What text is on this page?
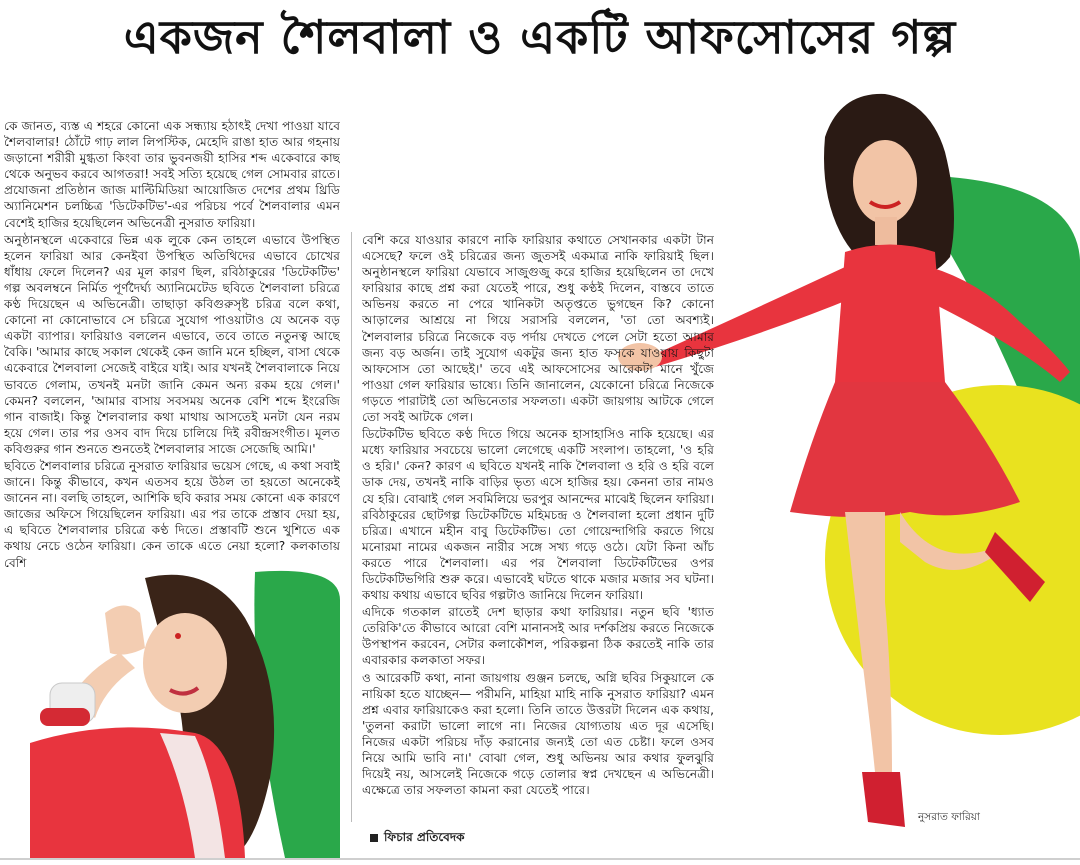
একজন শৈলবালা ও একটি আফসোসের গল্প

কে জানত, ব্যস্ত এ শহরে কোনো এক সন্ধ্যায় হঠাৎই দেখা পাওয়া যাবে শৈলবালার! ঠোঁটে গাঢ় লাল লিপস্টিক, মেহেদি রাঙা হাত আর গহনায় জড়ানো শরীরী মুগ্ধতা কিংবা তার ভুবনজয়ী হাসির শব্দ একেবারে কাছ থেকে অনুভব করবে আগতরা! সবই সত্যি হয়েছে গেল সোমবার রাতে। প্রযোজনা প্রতিষ্ঠান জাজ মাল্টিমিডিয়া আয়োজিত দেশের প্রথম থ্রিডি অ্যানিমেশন চলচ্চিত্র 'ডিটেকটিভ'-এর পরিচয় পর্বে শৈলবালার এমন বেশেই হাজির হয়েছিলেন অভিনেত্রী নুসরাত ফারিয়া।

অনুষ্ঠানস্থলে একেবারে ভিন্ন এক লুকে কেন তাহলে এভাবে উপস্থিত হলেন ফারিয়া আর কেনইবা উপস্থিত অতিথিদের এভাবে চোখের ধাঁধায় ফেলে দিলেন? এর মূল কারণ ছিল, রবিঠাকুরের 'ডিটেকটিভ' গল্প অবলম্বনে নির্মিত পূর্ণদৈর্ঘ্য অ্যানিমেটেড ছবিতে শৈলবালা চরিত্রে কণ্ঠ দিয়েছেন এ অভিনেত্রী। তাছাড়া কবিগুরুসৃষ্ট চরিত্র বলে কথা, কোনো না কোনোভাবে সে চরিত্রে সুযোগ পাওয়াটাও যে অনেক বড় একটা ব্যাপার। ফারিয়াও বললেন এভাবে, তবে তাতে নতুনত্ব আছে বৈকি। 'আমার কাছে সকাল থেকেই কেন জানি মনে হচ্ছিল, বাসা থেকে একেবারে শৈলবালা সেজেই বাইরে যাই। আর যখনই শৈলবালাকে নিয়ে ভাবতে গেলাম, তখনই মনটা জানি কেমন অন্য রকম হয়ে গেল।' কেমন? বললেন, 'আমার বাসায় সবসময় অনেক বেশি শব্দে ইংরেজি গান বাজাই। কিন্তু শৈলবালার কথা মাথায় আসতেই মনটা যেন নরম হয়ে গেল। তার পর ওসব বাদ দিয়ে চালিয়ে দিই রবীন্দ্রসংগীত। মূলত কবিগুরুর গান শুনতে শুনতেই শৈলবালার সাজে সেজেছি আমি।'

ছবিতে শৈলবালার চরিত্রে নুসরাত ফারিয়ার ভয়েস গেছে, এ কথা সবাই জানে। কিন্তু কীভাবে, কখন এতসব হয়ে উঠল তা হয়তো অনেকেই জানেন না। বলছি তাহলে, আশিকি ছবি করার সময় কোনো এক কারণে জাজের অফিসে গিয়েছিলেন ফারিয়া। এর পর তাকে প্রস্তাব দেয়া হয়, এ ছবিতে শৈলবালার চরিত্রে কণ্ঠ দিতে। প্রস্তাবটি শুনে খুশিতে এক কথায় নেচে ওঠেন ফারিয়া। কেন তাকে এতে নেয়া হলো? কলকাতায় বেশি

বেশি করে যাওয়ার কারণে নাকি ফারিয়ার কথাতে সেখানকার একটা টান এসেছে? ফলে ওই চরিত্রের জন্য জুতসই একমাত্র নাকি ফারিয়াই ছিল। অনুষ্ঠানস্থলে ফারিয়া যেভাবে সাজুগুজু করে হাজির হয়েছিলেন তা দেখে ফারিয়ার কাছে প্রশ্ন করা যেতেই পারে, শুধু কণ্ঠই দিলেন, বাস্তবে তাতে অভিনয় করতে না পেরে খানিকটা অতৃপ্ততে ভুগছেন কি? কোনো আড়ালের আশ্রয়ে না গিয়ে সরাসরি বললেন, 'তা তো অবশ্যই। শৈলবালার চরিত্রে নিজেকে বড় পর্দায় দেখতে পেলে সেটা হতো আমার জন্য বড় অর্জন। তাই সুযোগ একটুর জন্য হাত ফসকে যাওয়ায় কিছুটা আফসোস তো আছেই।' তবে এই আফসোসের আরেকটা মানে খুঁজে পাওয়া গেল ফারিয়ার ভাষ্যে। তিনি জানালেন, যেকোনো চরিত্রে নিজেকে গড়তে পারাটাই তো অভিনেতার সফলতা। একটা জায়গায় আটকে গেলে তো সবই আটকে গেল।

ডিটেকটিভ ছবিতে কণ্ঠ দিতে গিয়ে অনেক হাসাহাসিও নাকি হয়েছে। এর মধ্যে ফারিয়ার সবচেয়ে ভালো লেগেছে একটি সংলাপ। তাহলো, 'ও হরি ও হরি।' কেন? কারণ এ ছবিতে যখনই নাকি শৈলবালা ও হরি ও হরি বলে ডাক দেয়, তখনই নাকি বাড়ির ভৃত্য এসে হাজির হয়। কেননা তার নামও যে হরি। বোঝাই গেল সবমিলিয়ে ভরপুর আনন্দের মাঝেই ছিলেন ফারিয়া। রবিঠাকুরের ছোটগল্প ডিটেকটিভে মহিমচন্দ্র ও শৈলবালা হলো প্রধান দুটি চরিত্র। এখানে মহীন বাবু ডিটেকটিভ। তো গোয়েন্দাগিরি করতে গিয়ে মনোরমা নামের একজন নারীর সঙ্গে সখ্য গড়ে ওঠে। যেটা কিনা আঁচ করতে পারে শৈলবালা। এর পর শৈলবালা ডিটেকটিভের ওপর ডিটেকটিভগিরি শুরু করে। এভাবেই ঘটতে থাকে মজার মজার সব ঘটনা। কথায় কথায় এভাবে ছবির গল্পটাও জানিয়ে দিলেন ফারিয়া।

এদিকে গতকাল রাতেই দেশ ছাড়ার কথা ফারিয়ার। নতুন ছবি 'ধ্যাত তেরিকি'তে কীভাবে আরো বেশি মানানসই আর দর্শকপ্রিয় করতে নিজেকে উপস্থাপন করবেন, সেটার কলাকৌশল, পরিকল্পনা ঠিক করতেই নাকি তার এবারকার কলকাতা সফর।

ও আরেকটি কথা, নানা জায়গায় গুঞ্জন চলছে, অগ্নি ছবির সিকুয়ালে কে নায়িকা হতে যাচ্ছেন— পরীমনি, মাহিয়া মাহি নাকি নুসরাত ফারিয়া? এমন প্রশ্ন এবার ফারিয়াকেও করা হলো। তিনি তাতে উত্তরটা দিলেন এক কথায়, 'তুলনা করাটা ভালো লাগে না। নিজের যোগ্যতায় এত দূর এসেছি। নিজের একটা পরিচয় দাঁড় করানোর জন্যই তো এত চেষ্টা। ফলে ওসব নিয়ে আমি ভাবি না।' বোঝা গেল, শুধু অভিনয় আর কথার ফুলঝুরি দিয়েই নয়, আসলেই নিজেকে গড়ে তোলার স্বপ্ন দেখছেন এ অভিনেত্রী। এক্ষেত্রে তার সফলতা কামনা করা যেতেই পারে।

ফিচার প্রতিবেদক
নুসরাত ফারিয়া
